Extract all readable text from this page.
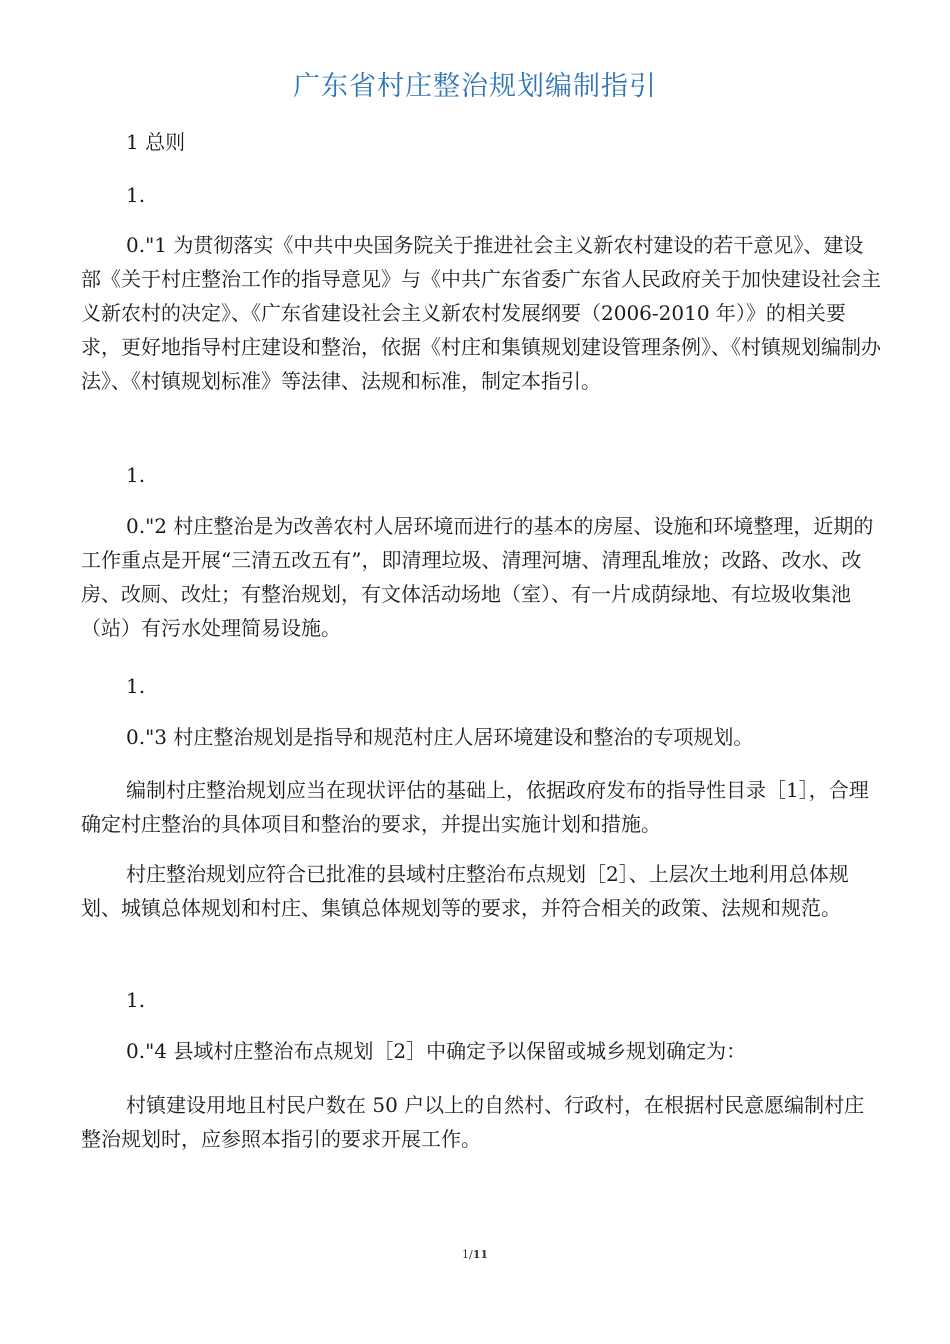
广东省村庄整治规划编制指引
1 总则
1.
0."1 为贯彻落实《中共中央国务院关于推进社会主义新农村建设的若干意见》、建设部《关于村庄整治工作的指导意见》与《中共广东省委广东省人民政府关于加快建设社会主义新农村的决定》、《广东省建设社会主义新农村发展纲要（2006-2010 年）》的相关要求，更好地指导村庄建设和整治，依据《村庄和集镇规划建设管理条例》、《村镇规划编制办法》、《村镇规划标准》等法律、法规和标准，制定本指引。
1.
0."2 村庄整治是为改善农村人居环境而进行的基本的房屋、设施和环境整理，近期的工作重点是开展“三清五改五有”，即清理垃圾、清理河塘、清理乱堆放；改路、改水、改房、改厕、改灶；有整治规划，有文体活动场地（室）、有一片成荫绿地、有垃圾收集池（站）有污水处理简易设施。
1.
0."3 村庄整治规划是指导和规范村庄人居环境建设和整治的专项规划。
编制村庄整治规划应当在现状评估的基础上，依据政府发布的指导性目录［1］，合理确定村庄整治的具体项目和整治的要求，并提出实施计划和措施。
村庄整治规划应符合已批准的县域村庄整治布点规划［2］、上层次土地利用总体规划、城镇总体规划和村庄、集镇总体规划等的要求，并符合相关的政策、法规和规范。
1.
0."4 县域村庄整治布点规划［2］中确定予以保留或城乡规划确定为：
村镇建设用地且村民户数在 50 户以上的自然村、行政村，在根据村民意愿编制村庄整治规划时，应参照本指引的要求开展工作。
1/11
